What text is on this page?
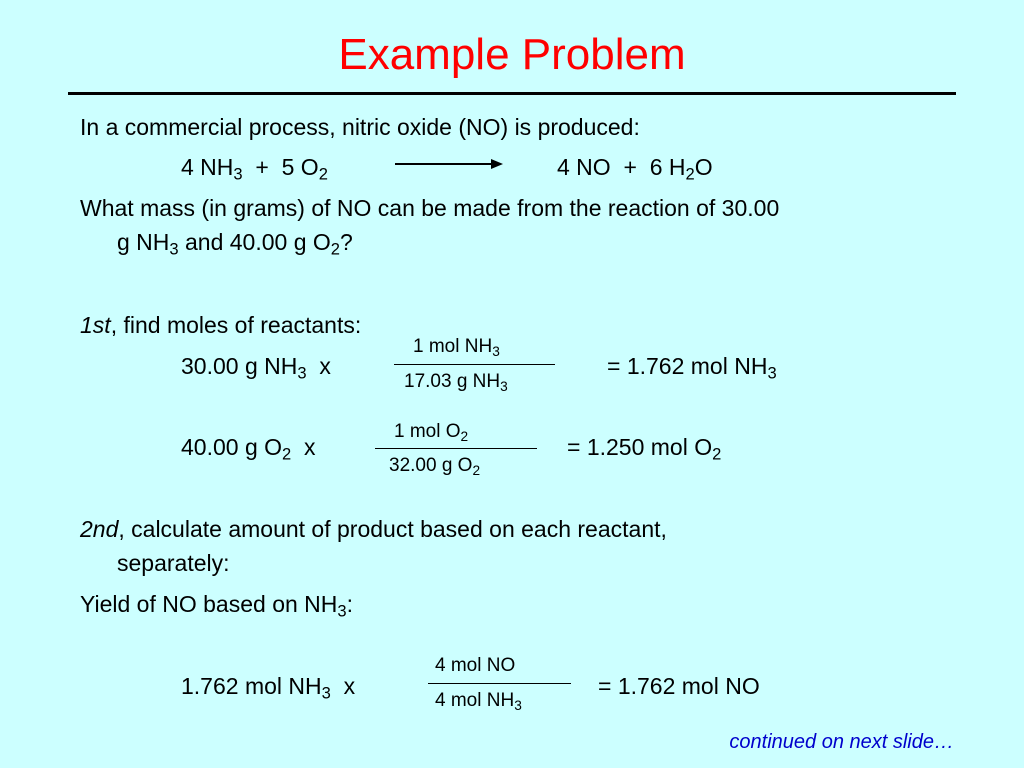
Example Problem
In a commercial process, nitric oxide (NO) is produced:
4 $NH_3 + 5$ $O_2$	4 NO + 6 $H_2O$
What mass (in grams) of NO can be made from the reaction of 30.00
g $NH_3$ and 40.00 g $O_2$?
1st, find moles of reactants:
30.00 g $NH_3$ x
1 mol $NH_3$
17.03 g $NH_3$
= 1.762 mol $NH_3$
40.00 g $O_2$ x
1 mol $O_2$
32.00 g $O_2$
= 1.250 mol $O_2$
2nd, calculate amount of product based on each reactant,
separately:
Yield of NO based on $NH_3$:
1.762 mol $NH_3$ x
4 mol NO
4 mol $NH_3$
= 1.762 mol NO
continued on next slide…
